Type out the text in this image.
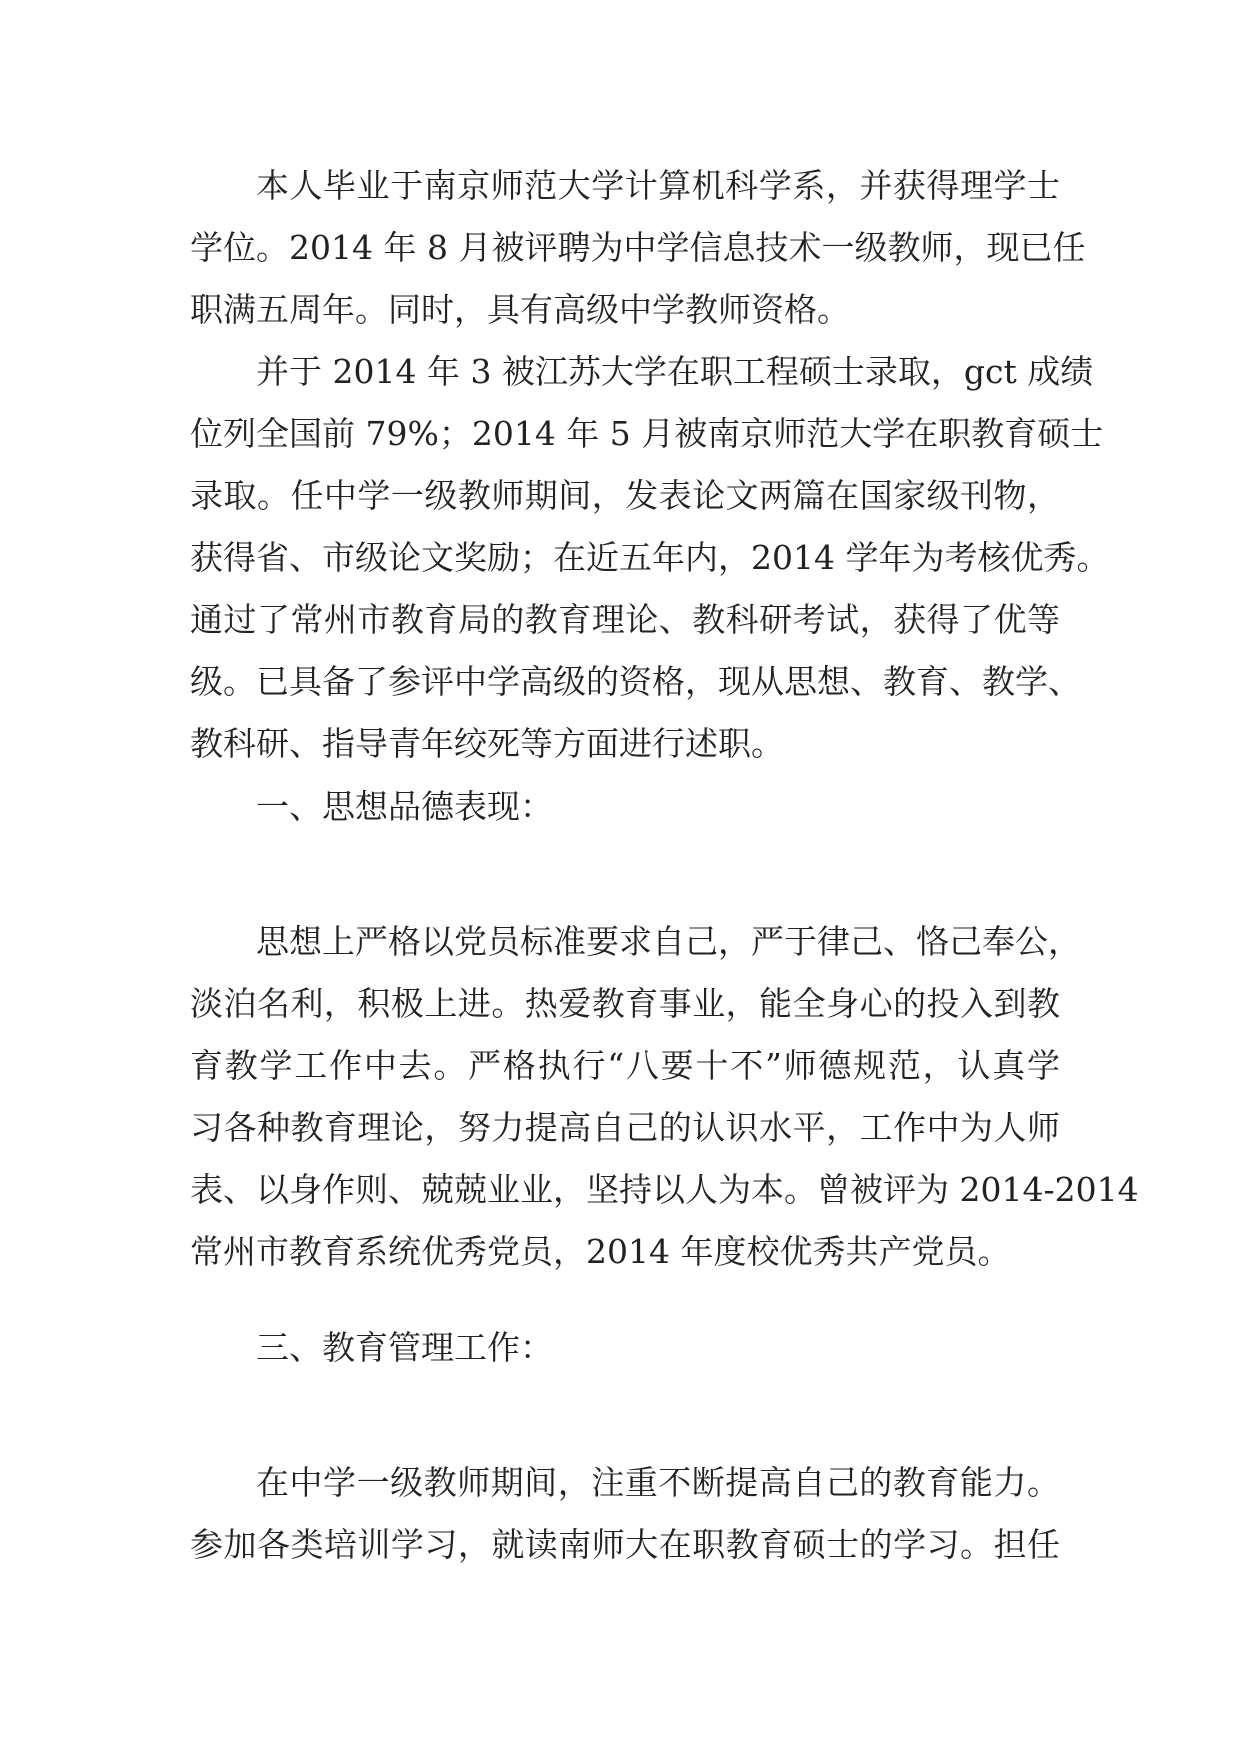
本人毕业于南京师范大学计算机科学系，并获得理学士
学位。2014 年 8 月被评聘为中学信息技术一级教师，现已任
职满五周年。同时，具有高级中学教师资格。
并于 2014 年 3 被江苏大学在职工程硕士录取，gct 成绩
位列全国前 79%；2014 年 5 月被南京师范大学在职教育硕士
录取。任中学一级教师期间，发表论文两篇在国家级刊物，
获得省、市级论文奖励；在近五年内，2014 学年为考核优秀。
通过了常州市教育局的教育理论、教科研考试，获得了优等
级。已具备了参评中学高级的资格，现从思想、教育、教学、
教科研、指导青年绞死等方面进行述职。
一、思想品德表现：
思想上严格以党员标准要求自己，严于律己、恪己奉公，
淡泊名利，积极上进。热爱教育事业，能全身心的投入到教
育教学工作中去。严格执行“八要十不”师德规范，认真学
习各种教育理论，努力提高自己的认识水平，工作中为人师
表、以身作则、兢兢业业，坚持以人为本。曾被评为 2014-2014
常州市教育系统优秀党员，2014 年度校优秀共产党员。
三、教育管理工作：
在中学一级教师期间，注重不断提高自己的教育能力。
参加各类培训学习，就读南师大在职教育硕士的学习。担任
